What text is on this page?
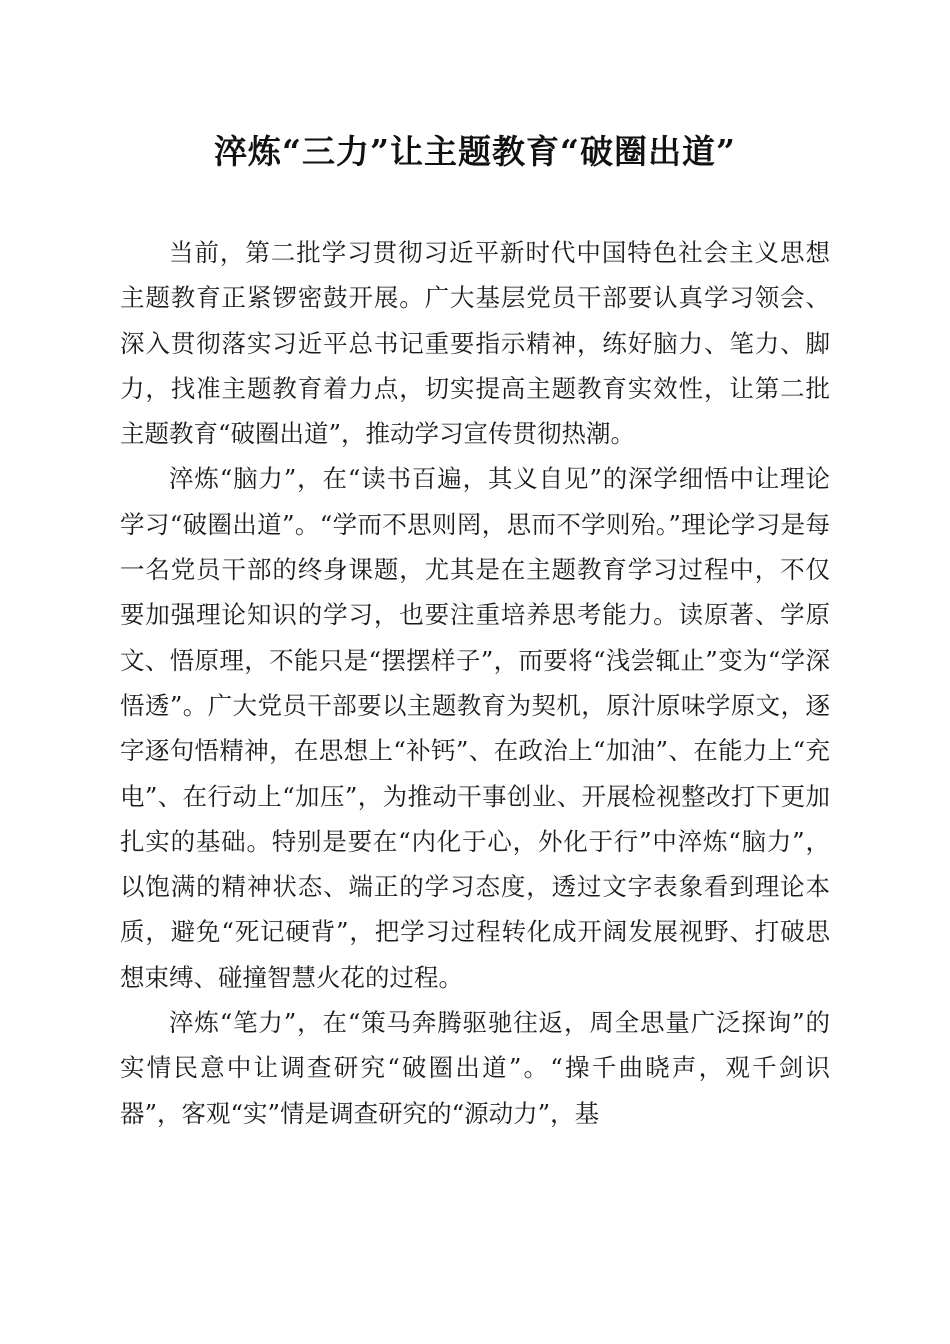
淬炼“三力”让主题教育“破圈出道”

当前，第二批学习贯彻习近平新时代中国特色社会主义思想主题教育正紧锣密鼓开展。广大基层党员干部要认真学习领会、深入贯彻落实习近平总书记重要指示精神，练好脑力、笔力、脚力，找准主题教育着力点，切实提高主题教育实效性，让第二批主题教育“破圈出道”，推动学习宣传贯彻热潮。

淬炼“脑力”，在“读书百遍，其义自见”的深学细悟中让理论学习“破圈出道”。“学而不思则罔，思而不学则殆。”理论学习是每一名党员干部的终身课题，尤其是在主题教育学习过程中，不仅要加强理论知识的学习，也要注重培养思考能力。读原著、学原文、悟原理，不能只是“摆摆样子”，而要将“浅尝辄止”变为“学深悟透”。广大党员干部要以主题教育为契机，原汁原味学原文，逐字逐句悟精神，在思想上“补钙”、在政治上“加油”、在能力上“充电”、在行动上“加压”，为推动干事创业、开展检视整改打下更加扎实的基础。特别是要在“内化于心，外化于行”中淬炼“脑力”，以饱满的精神状态、端正的学习态度，透过文字表象看到理论本质，避免“死记硬背”，把学习过程转化成开阔发展视野、打破思想束缚、碰撞智慧火花的过程。

淬炼“笔力”，在“策马奔腾驱驰往返，周全思量广泛探询”的实情民意中让调查研究“破圈出道”。“操千曲晓声，观千剑识器”，客观“实”情是调查研究的“源动力”，基
